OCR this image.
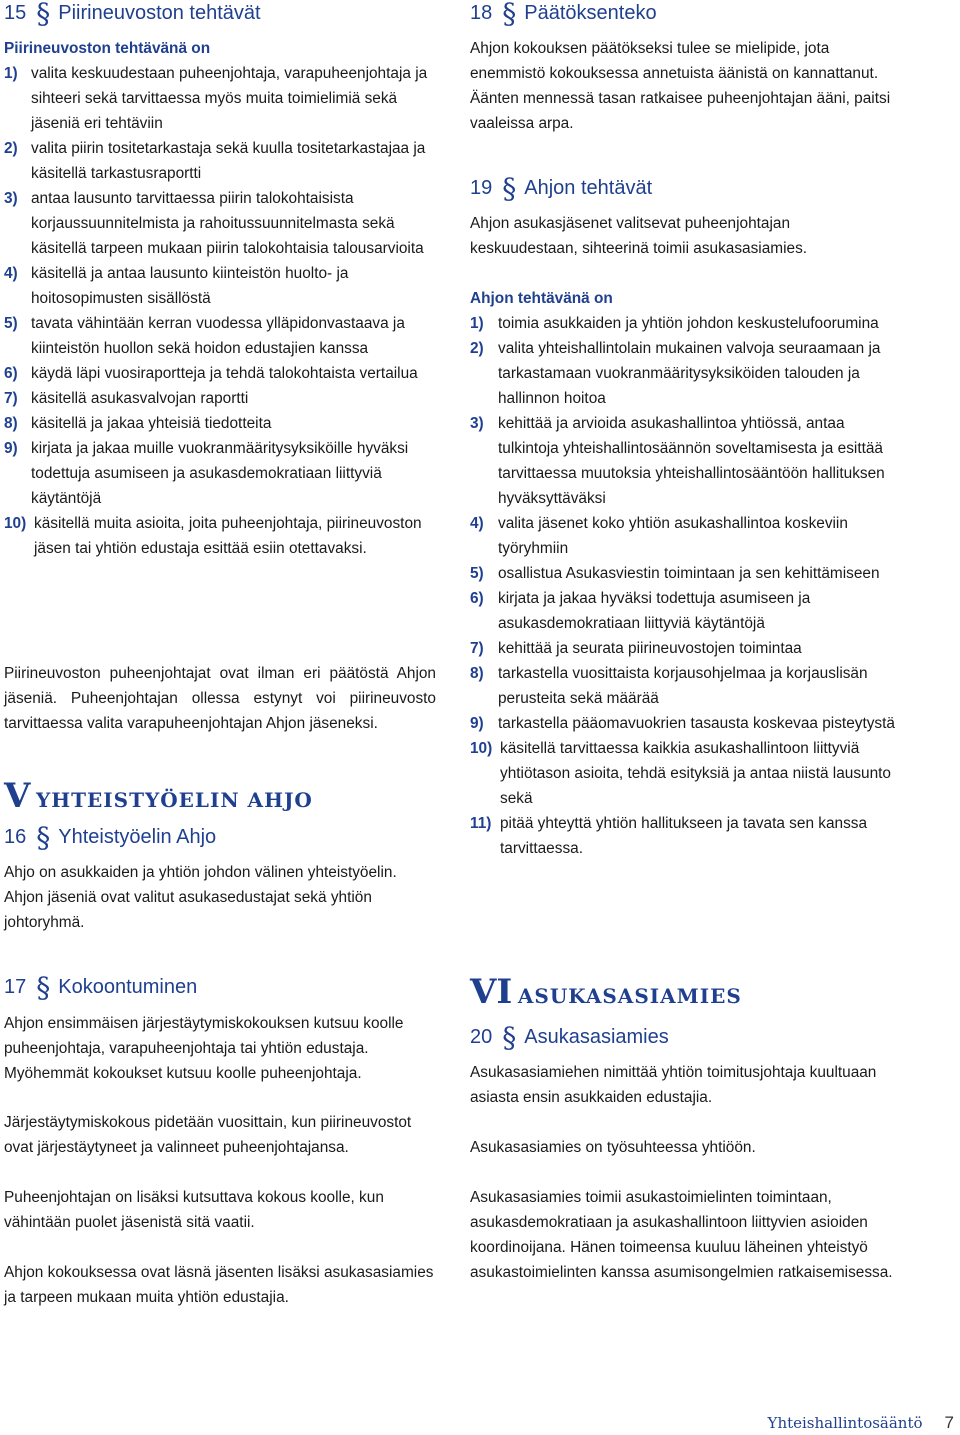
15 § Piirineuvoston tehtävät
Piirineuvoston tehtävänä on
1) valita keskuudestaan puheenjohtaja, varapuheenjohtaja ja sihteeri sekä tarvittaessa myös muita toimielimiä sekä jäseniä eri tehtäviin
2) valita piirin tositetarkastaja sekä kuulla tositetarkastajaa ja käsitellä tarkastusraportti
3) antaa lausunto tarvittaessa piirin talokohtaisista korjaussuunnitelmista ja rahoitussuunnitelmasta sekä käsitellä tarpeen mukaan piirin talokohtaisia talousarvioita
4) käsitellä ja antaa lausunto kiinteistön huolto- ja hoitosopimusten sisällöstä
5) tavata vähintään kerran vuodessa ylläpidonvastaava ja kiinteistön huollon sekä hoidon edustajien kanssa
6) käydä läpi vuosiraportteja ja tehdä talokohtaista vertailua
7) käsitellä asukasvalvojan raportti
8) käsitellä ja jakaa yhteisiä tiedotteita
9) kirjata ja jakaa muille vuokranmääritysyksiköille hyväksi todettuja asumiseen ja asukasdemokratiaan liittyviä käytäntöjä
10) käsitellä muita asioita, joita puheenjohtaja, piirineuvoston jäsen tai yhtiön edustaja esittää esiin otettavaksi.
Piirineuvoston puheenjohtajat ovat ilman eri päätöstä Ahjon jäseniä. Puheenjohtajan ollessa estynyt voi piirineuvosto tarvittaessa valita varapuheenjohtajan Ahjon jäseneksi.
V YHTEISTYÖELIN AHJO
16 § Yhteistyöelin Ahjo
Ahjo on asukkaiden ja yhtiön johdon välinen yhteistyöelin. Ahjon jäseniä ovat valitut asukasedustajat sekä yhtiön johtoryhmä.
17 § Kokoontuminen
Ahjon ensimmäisen järjestäytymiskokouksen kutsuu koolle puheenjohtaja, varapuheenjohtaja tai yhtiön edustaja. Myöhemmät kokoukset kutsuu koolle puheenjohtaja.
Järjestäytymiskokous pidetään vuosittain, kun piirineuvostot ovat järjestäytyneet ja valinneet puheenjohtajansa.
Puheenjohtajan on lisäksi kutsuttava kokous koolle, kun vähintään puolet jäsenistä sitä vaatii.
Ahjon kokouksessa ovat läsnä jäsenten lisäksi asukasasiamies ja tarpeen mukaan muita yhtiön edustajia.
18 § Päätöksenteko
Ahjon kokouksen päätökseksi tulee se mielipide, jota enemmistö kokouksessa annetuista äänistä on kannattanut. Äänten mennessä tasan ratkaisee puheenjohtajan ääni, paitsi vaaleissa arpa.
19 § Ahjon tehtävät
Ahjon asukasjäsenet valitsevat puheenjohtajan keskuudestaan, sihteerinä toimii asukasasiamies.
Ahjon tehtävänä on
1) toimia asukkaiden ja yhtiön johdon keskustelufoorumina
2) valita yhteishallintolain mukainen valvoja seuraamaan ja tarkastamaan vuokranmääritysyksiköiden talouden ja hallinnon hoitoa
3) kehittää ja arvioida asukashallintoa yhtiössä, antaa tulkintoja yhteishallintosäännön soveltamisesta ja esittää tarvittaessa muutoksia yhteishallintosääntöön hallituksen hyväksyttäväksi
4) valita jäsenet koko yhtiön asukashallintoa koskeviin työryhmiin
5) osallistua Asukasviestin toimintaan ja sen kehittämiseen
6) kirjata ja jakaa hyväksi todettuja asumiseen ja asukasdemokratiaan liittyviä käytäntöjä
7) kehittää ja seurata piirineuvostojen toimintaa
8) tarkastella vuosittaista korjausohjelmaa ja korjauslisän perusteita sekä määrää
9) tarkastella pääomavuokrien tasausta koskevaa pisteytystä
10) käsitellä tarvittaessa kaikkia asukashallintoon liittyviä yhtiötason asioita, tehdä esityksiä ja antaa niistä lausunto sekä
11) pitää yhteyttä yhtiön hallitukseen ja tavata sen kanssa tarvittaessa.
VI ASUKASASIAMIES
20 § Asukasasiamies
Asukasasiamiehen nimittää yhtiön toimitusjohtaja kuultuaan asiasta ensin asukkaiden edustajia.
Asukasasiamies on työsuhteessa yhtiöön.
Asukasasiamies toimii asukastoimielinten toimintaan, asukasdemokratiaan ja asukashallintoon liittyvien asioiden koordinoijana. Hänen toimeensa kuuluu läheinen yhteistyö asukastoimielinten kanssa asumisongelmien ratkaisemisessa.
Yhteishallintosääntö 7
